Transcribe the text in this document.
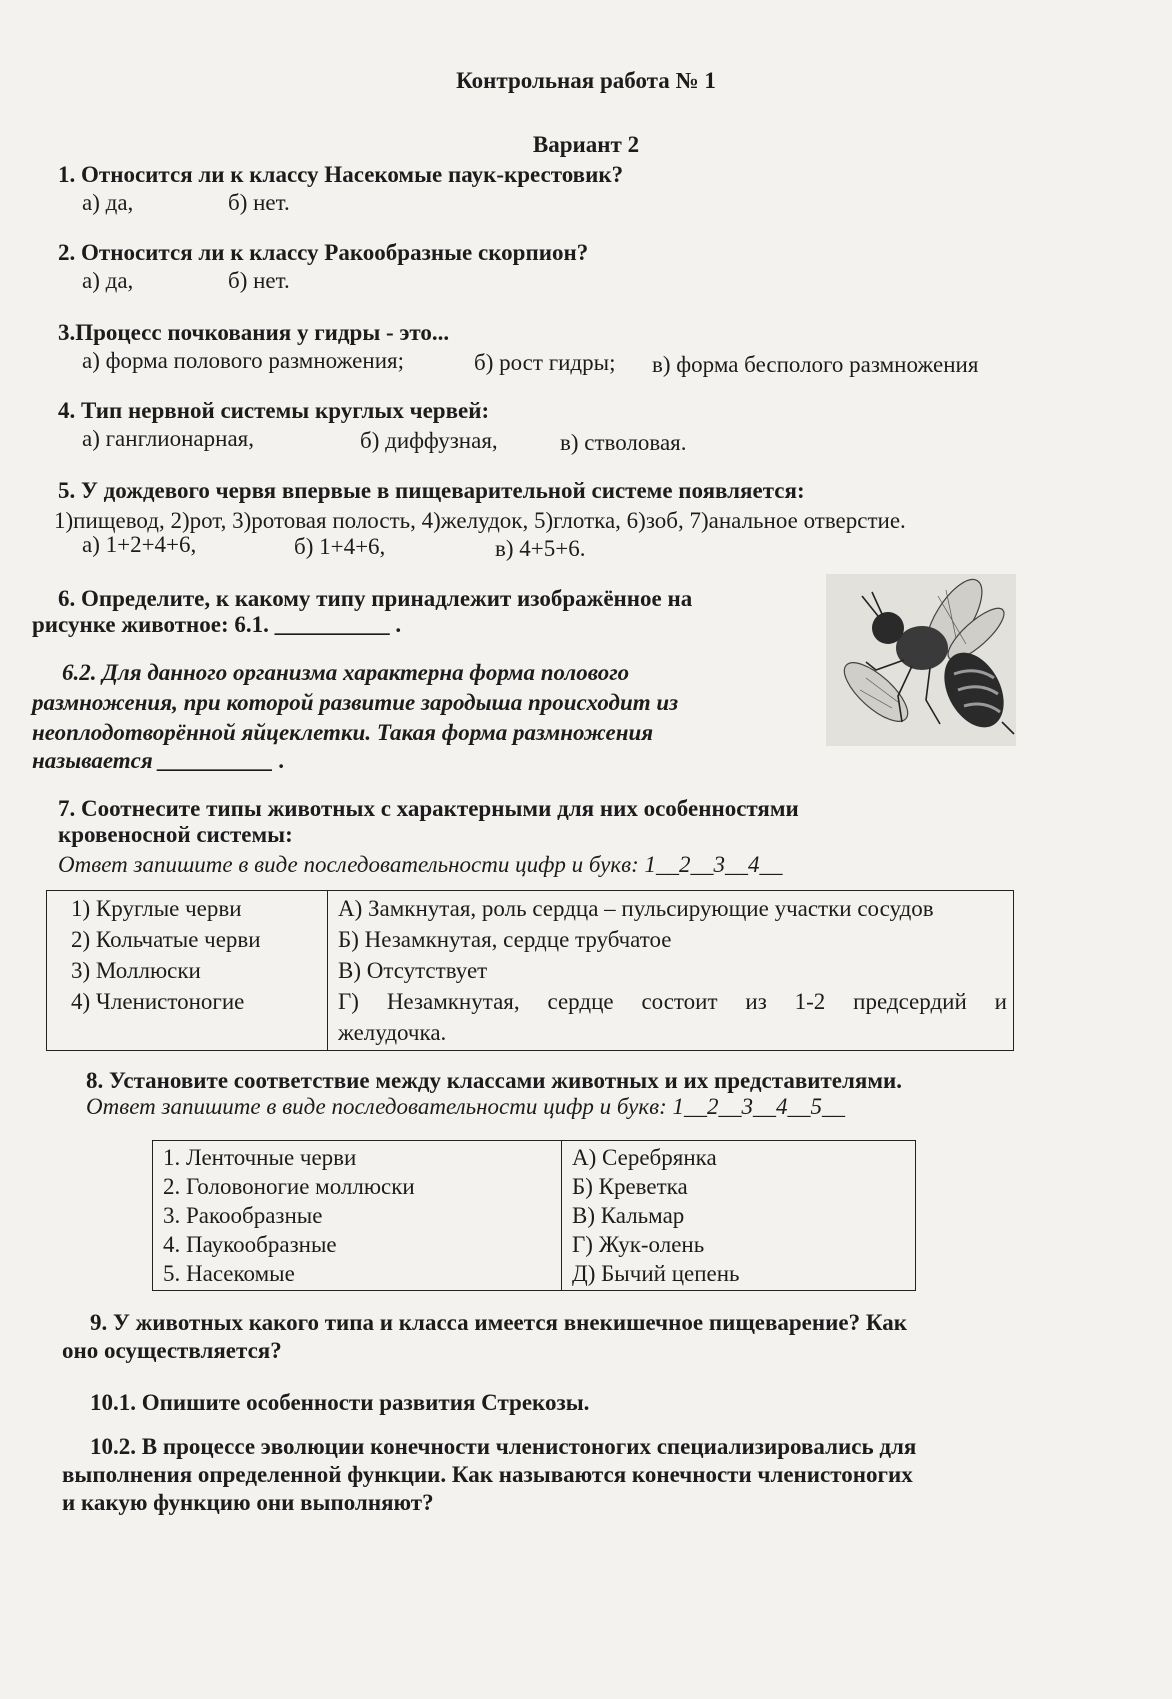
Контрольная работа № 1
Вариант 2
1. Относится ли к классу Насекомые паук-крестовик?
а) да,	б) нет.
2. Относится ли к классу Ракообразные скорпион?
а) да,	б) нет.
3.Процесс почкования у гидры - это...
а) форма полового размножения;	б) рост гидры; в) форма бесполого размножения
4. Тип нервной системы круглых червей:
а) ганглионарная,	б) диффузная,	в) стволовая.
5. У дождевого червя впервые в пищеварительной системе появляется:
1)пищевод, 2)рот, 3)ротовая полость, 4)желудок, 5)глотка, 6)зоб, 7)анальное отверстие.
а) 1+2+4+6,	б) 1+4+6,	в) 4+5+6.
6. Определите, к какому типу принадлежит изображённое на
рисунке животное: 6.1. __________ .
6.2. Для данного организма характерна форма полового
размножения, при которой развитие зародыша происходит из
неоплодотворённой яйцеклетки. Такая форма размножения
называется __________ .
7. Соотнесите типы животных с характерными для них особенностями
кровеносной системы:
Ответ запишите в виде последовательности цифр и букв: 1__2__3__4__
1) Круглые черви
2) Кольчатые черви
3) Моллюски
4) Членистоногие

А) Замкнутая, роль сердца – пульсирующие участки сосудов
Б) Незамкнутая, сердце трубчатое
В) Отсутствует
Г) Незамкнутая, сердце состоит из 1-2 предсердий и
желудочка.
8. Установите соответствие между классами животных и их представителями.
Ответ запишите в виде последовательности цифр и букв: 1__2__3__4__5__
1. Ленточные черви
2. Головоногие моллюски
3. Ракообразные
4. Паукообразные
5. Насекомые

А) Серебрянка
Б) Креветка
В) Кальмар
Г) Жук-олень
Д) Бычий цепень
9. У животных какого типа и класса имеется внекишечное пищеварение? Как
оно осуществляется?
10.1. Опишите особенности развития Стрекозы.
10.2. В процессе эволюции конечности членистоногих специализировались для
выполнения определенной функции. Как называются конечности членистоногих
и какую функцию они выполняют?
